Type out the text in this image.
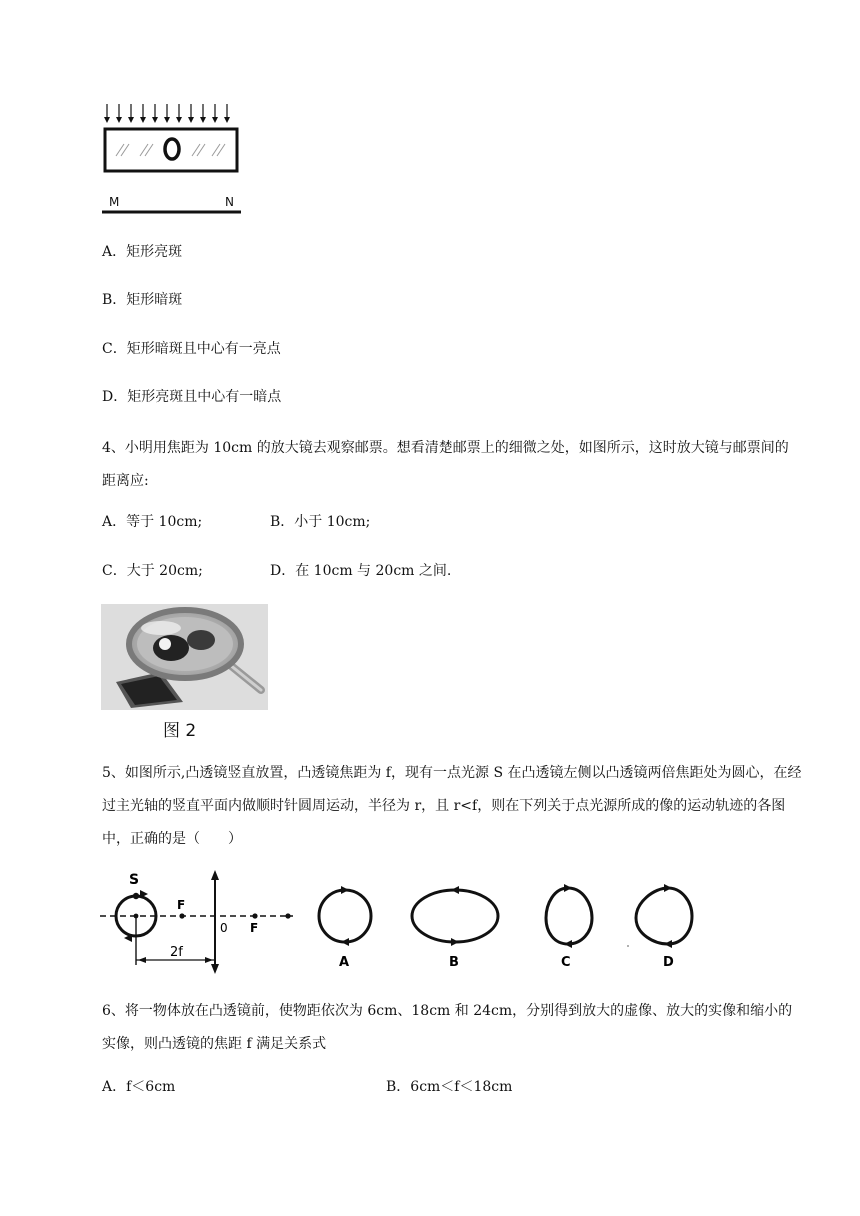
M	N
A．矩形亮斑
B．矩形暗斑
C．矩形暗斑且中心有一亮点
D．矩形亮斑且中心有一暗点
4、小明用焦距为 10cm 的放大镜去观察邮票。想看清楚邮票上的细微之处，如图所示，这时放大镜与邮票间的距离应:
A．等于 10cm;	B．小于 10cm;
C．大于 20cm;	D．在 10cm 与 20cm 之间.
图 2
5、如图所示,凸透镜竖直放置，凸透镜焦距为 f，现有一点光源 S 在凸透镜左侧以凸透镜两倍焦距处为圆心，在经过主光轴的竖直平面内做顺时针圆周运动，半径为 r，且 r<f，则在下列关于点光源所成的像的运动轨迹的各图中，正确的是（　　）
S
F
0 F
2f
A	B	C	D
6、将一物体放在凸透镜前，使物距依次为 6cm、18cm 和 24cm，分别得到放大的虚像、放大的实像和缩小的实像，则凸透镜的焦距 f 满足关系式
A．f＜6cm	B．6cm＜f＜18cm
